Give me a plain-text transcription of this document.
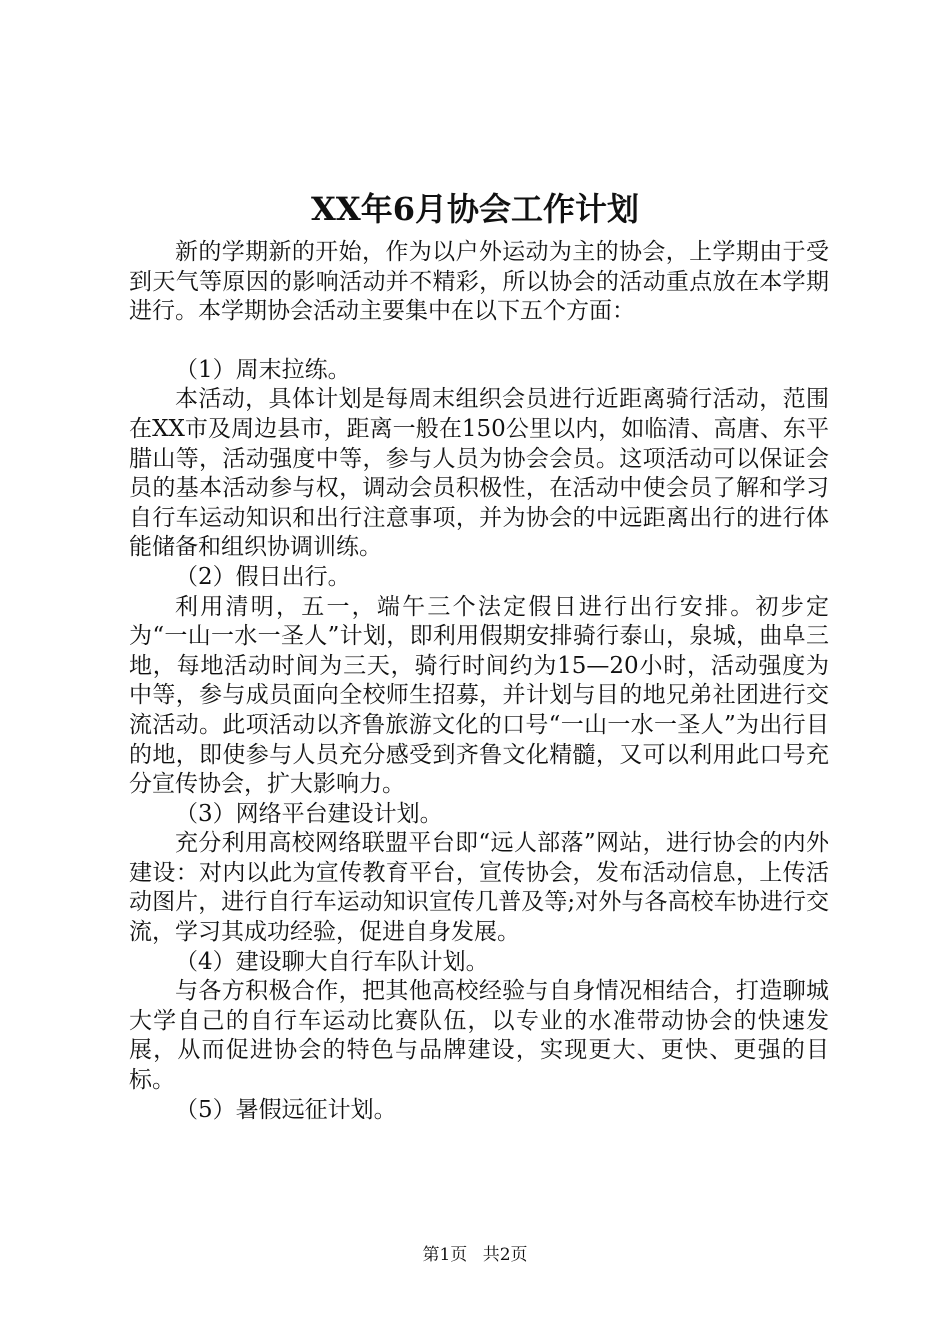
XX年6月协会工作计划

新的学期新的开始，作为以户外运动为主的协会，上学期由于受到天气等原因的影响活动并不精彩，所以协会的活动重点放在本学期进行。本学期协会活动主要集中在以下五个方面：

（1）周末拉练。

本活动，具体计划是每周末组织会员进行近距离骑行活动，范围在XX市及周边县市，距离一般在150公里以内，如临清、高唐、东平腊山等，活动强度中等，参与人员为协会会员。这项活动可以保证会员的基本活动参与权，调动会员积极性，在活动中使会员了解和学习自行车运动知识和出行注意事项，并为协会的中远距离出行的进行体能储备和组织协调训练。

（2）假日出行。

利用清明，五一，端午三个法定假日进行出行安排。初步定为“一山一水一圣人”计划，即利用假期安排骑行泰山，泉城，曲阜三地，每地活动时间为三天，骑行时间约为15—20小时，活动强度为中等，参与成员面向全校师生招募，并计划与目的地兄弟社团进行交流活动。此项活动以齐鲁旅游文化的口号“一山一水一圣人”为出行目的地，即使参与人员充分感受到齐鲁文化精髓，又可以利用此口号充分宣传协会，扩大影响力。

（3）网络平台建设计划。

充分利用高校网络联盟平台即“远人部落”网站，进行协会的内外建设：对内以此为宣传教育平台，宣传协会，发布活动信息，上传活动图片，进行自行车运动知识宣传几普及等;对外与各高校车协进行交流，学习其成功经验，促进自身发展。

（4）建设聊大自行车队计划。

与各方积极合作，把其他高校经验与自身情况相结合，打造聊城大学自己的自行车运动比赛队伍，以专业的水准带动协会的快速发展，从而促进协会的特色与品牌建设，实现更大、更快、更强的目标。

（5）暑假远征计划。

第1页 共2页
